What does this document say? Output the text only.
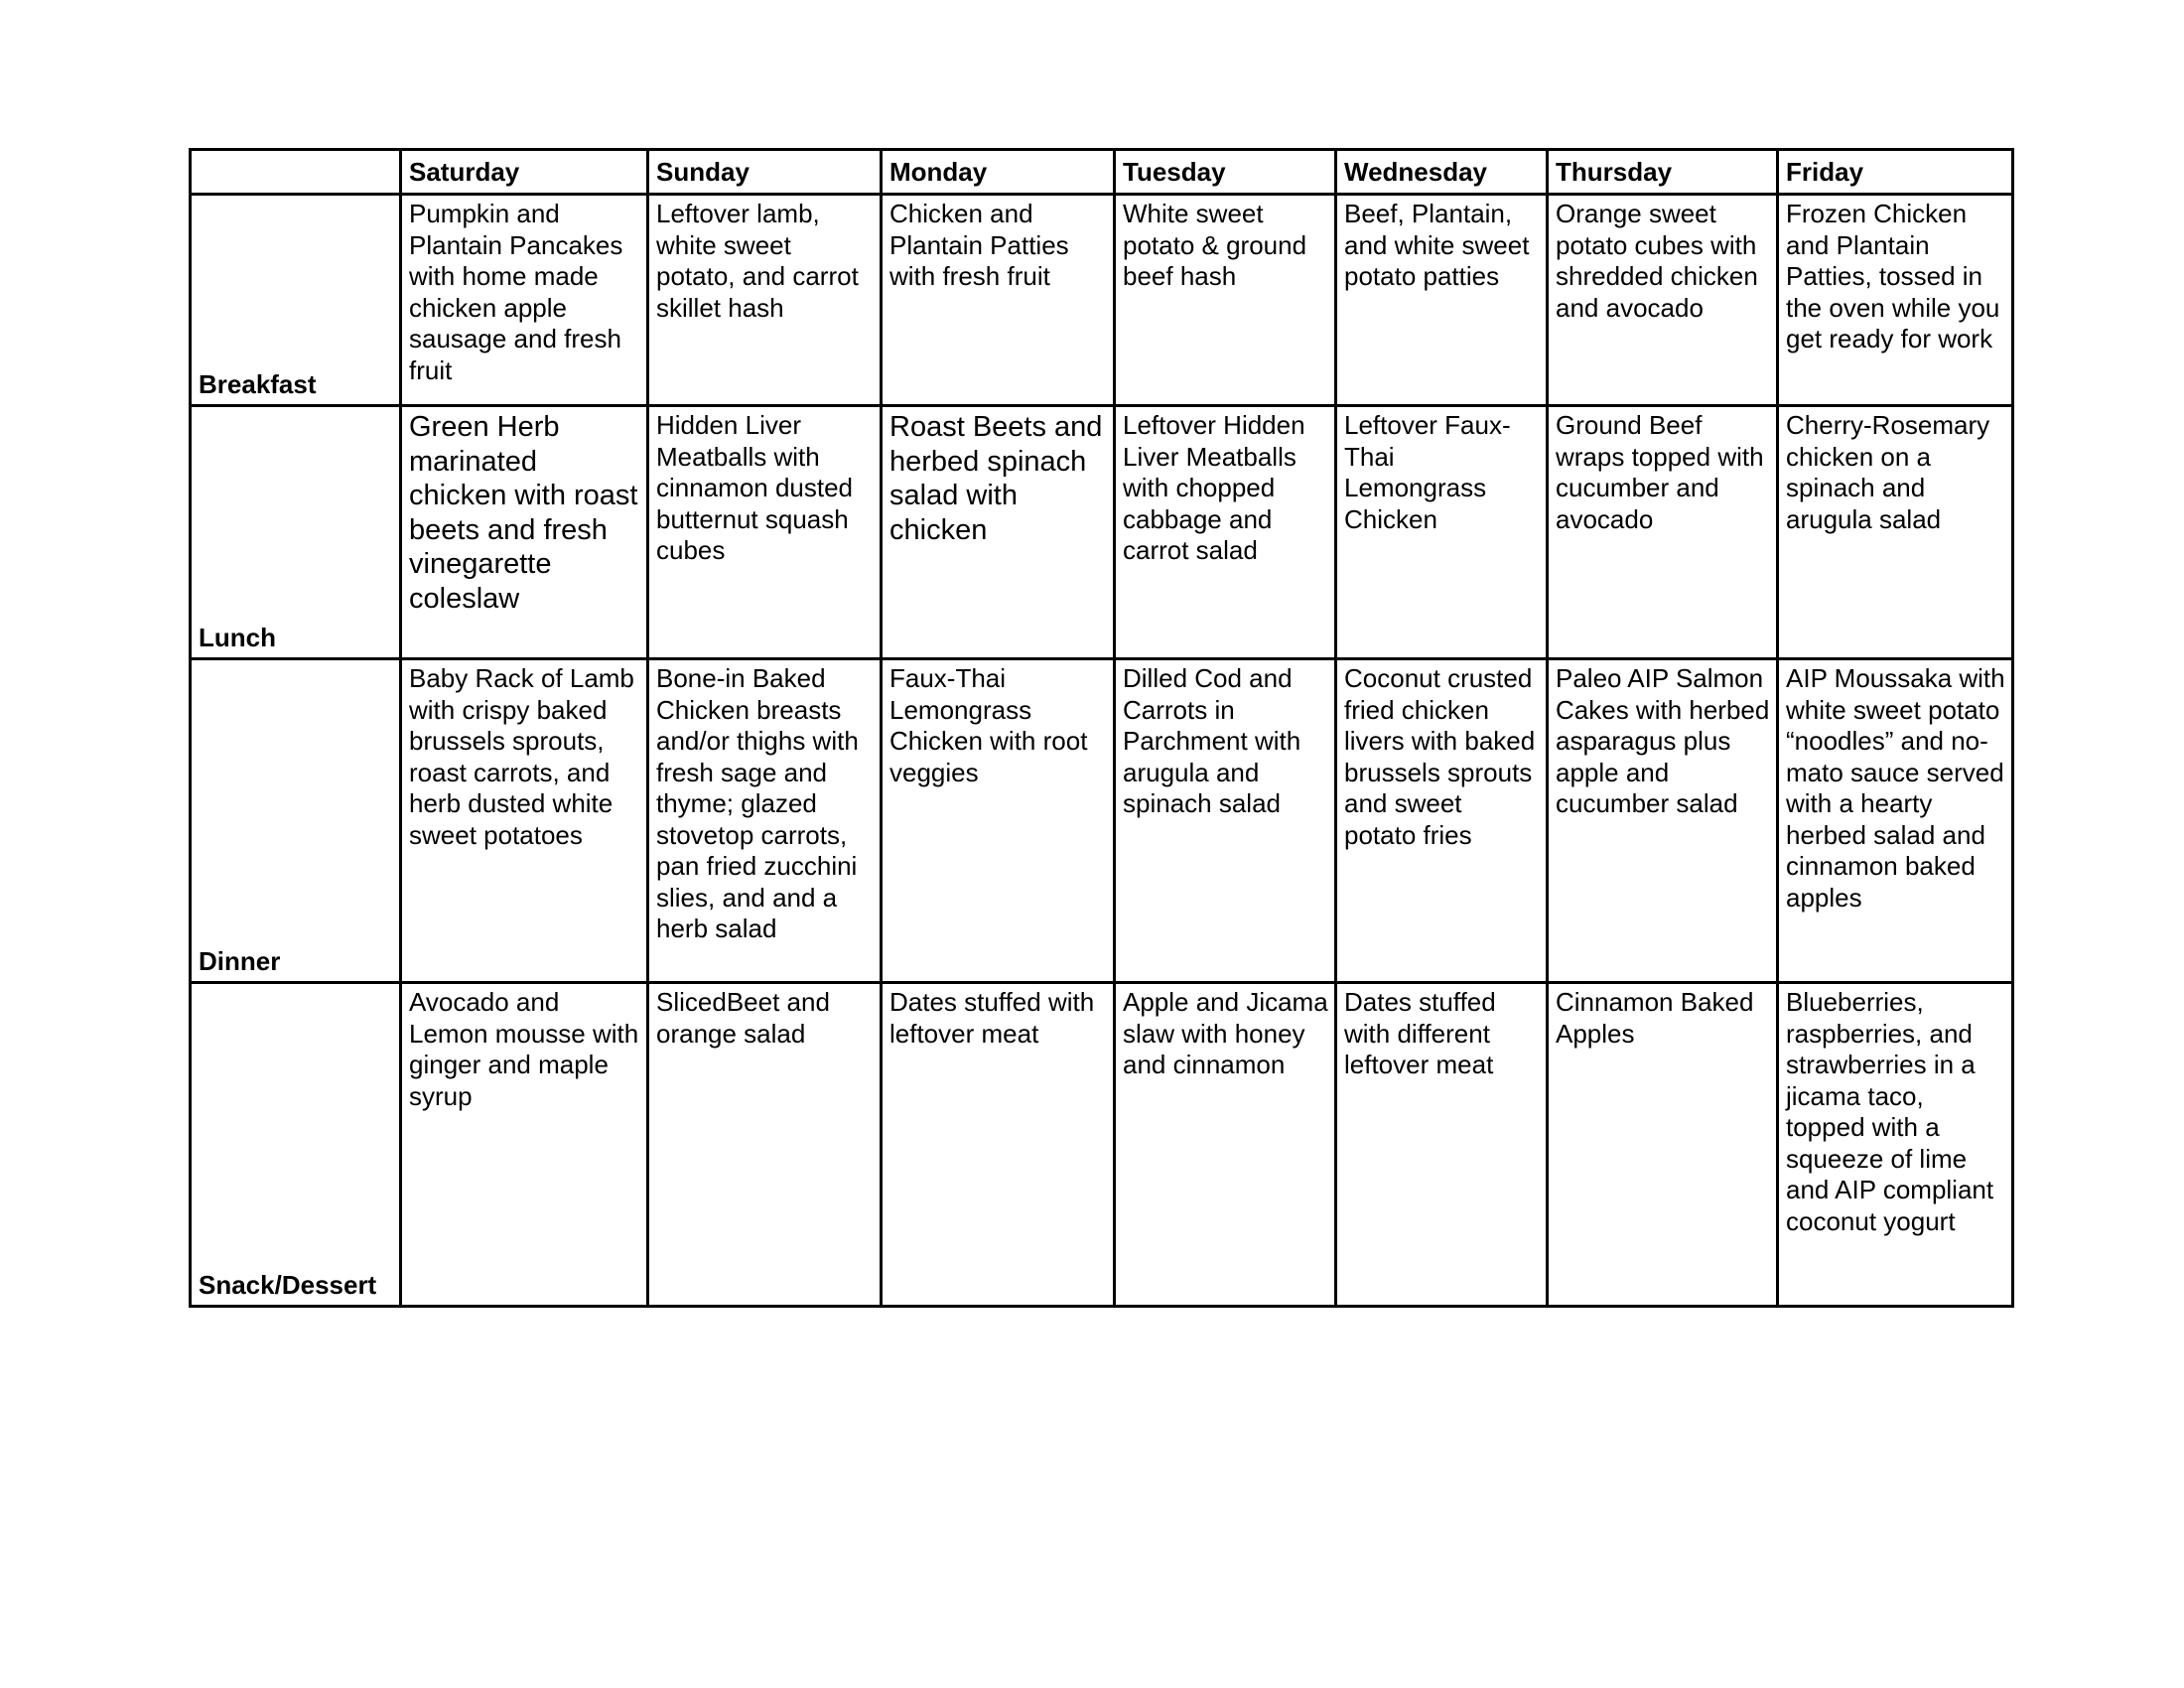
	Saturday	Sunday	Monday	Tuesday	Wednesday	Thursday	Friday
Breakfast	Pumpkin and Plantain Pancakes with home made chicken apple sausage and fresh fruit	Leftover lamb, white sweet potato, and carrot skillet hash	Chicken and Plantain Patties with fresh fruit	White sweet potato & ground beef hash	Beef, Plantain, and white sweet potato patties	Orange sweet potato cubes with shredded chicken and avocado	Frozen Chicken and Plantain Patties, tossed in the oven while you get ready for work

Lunch	Green Herb marinated chicken with roast beets and fresh vinegarette coleslaw	Hidden Liver Meatballs with cinnamon dusted butternut squash cubes	Roast Beets and herbed spinach salad with chicken	Leftover Hidden Liver Meatballs with chopped cabbage and carrot salad	Leftover Faux-Thai Lemongrass Chicken	Ground Beef wraps topped with cucumber and avocado	Cherry-Rosemary chicken on a spinach and arugula salad

Dinner	Baby Rack of Lamb with crispy baked brussels sprouts, roast carrots, and herb dusted white sweet potatoes	Bone-in Baked Chicken breasts and/or thighs with fresh sage and thyme; glazed stovetop carrots, pan fried zucchini slies, and and a herb salad	Faux-Thai Lemongrass Chicken with root veggies	Dilled Cod and Carrots in Parchment with arugula and spinach salad	Coconut crusted fried chicken livers with baked brussels sprouts and sweet potato fries	Paleo AIP Salmon Cakes with herbed asparagus plus apple and cucumber salad	AIP Moussaka with white sweet potato “noodles” and no-mato sauce served with a hearty herbed salad and cinnamon baked apples

Snack/Dessert	Avocado and Lemon mousse with ginger and maple syrup	SlicedBeet and orange salad	Dates stuffed with leftover meat	Apple and Jicama slaw with honey and cinnamon	Dates stuffed with different leftover meat	Cinnamon Baked Apples	Blueberries, raspberries, and strawberries in a jicama taco, topped with a squeeze of lime and AIP compliant coconut yogurt
